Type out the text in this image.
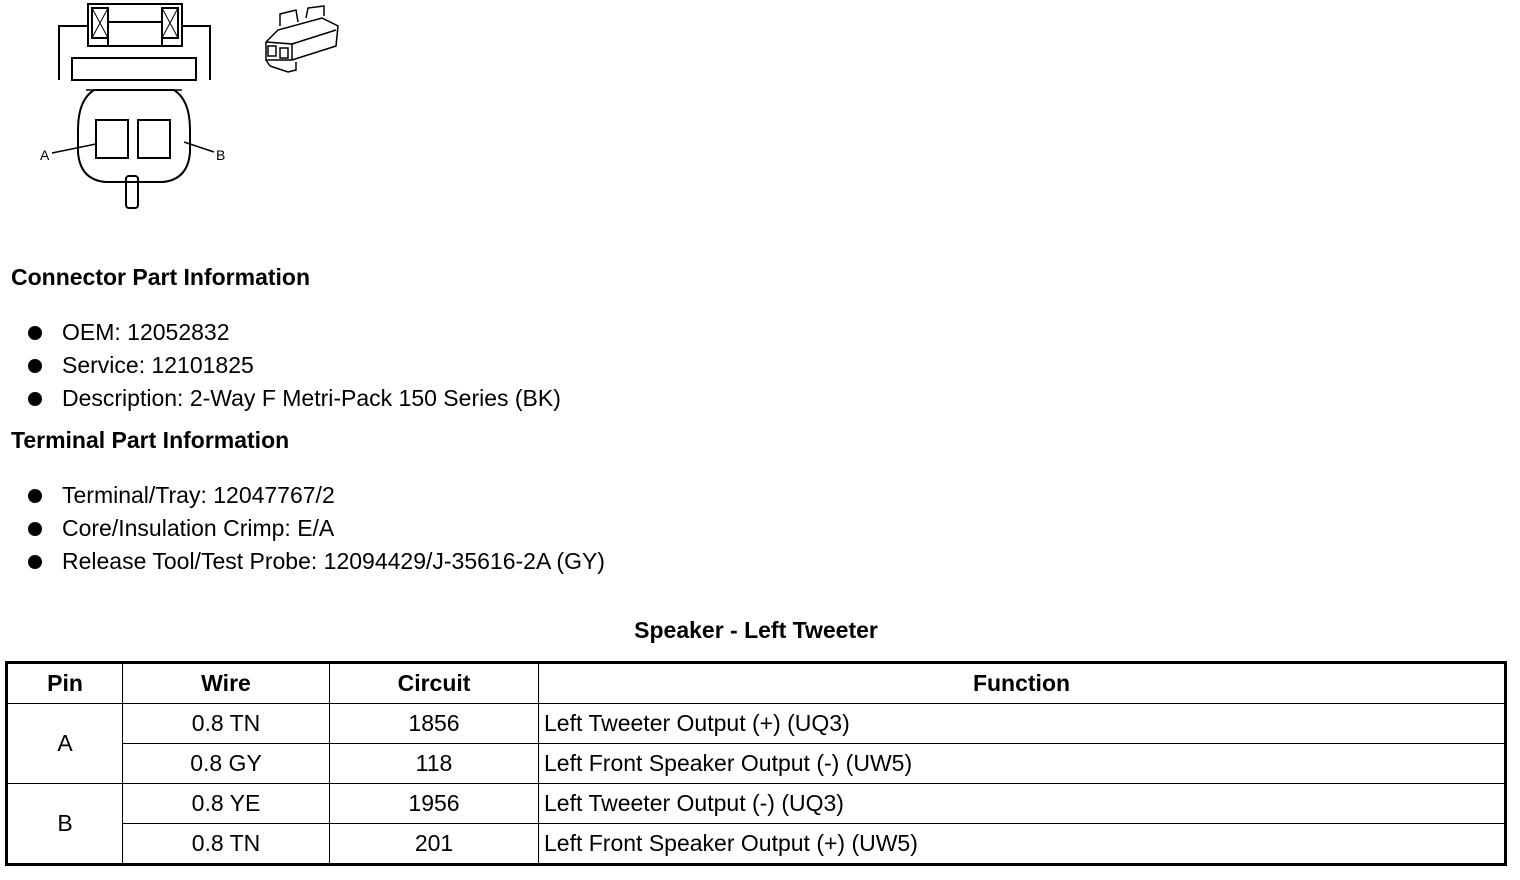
A	B
Connector Part Information
OEM: 12052832
Service: 12101825
Description: 2-Way F Metri-Pack 150 Series (BK)
Terminal Part Information
Terminal/Tray: 12047767/2
Core/Insulation Crimp: E/A
Release Tool/Test Probe: 12094429/J-35616-2A (GY)
Speaker - Left Tweeter
Pin	Wire	Circuit	Function
A	0.8 TN	1856	Left Tweeter Output (+) (UQ3)
	0.8 GY	118	Left Front Speaker Output (-) (UW5)
B	0.8 YE	1956	Left Tweeter Output (-) (UQ3)
	0.8 TN	201	Left Front Speaker Output (+) (UW5)
